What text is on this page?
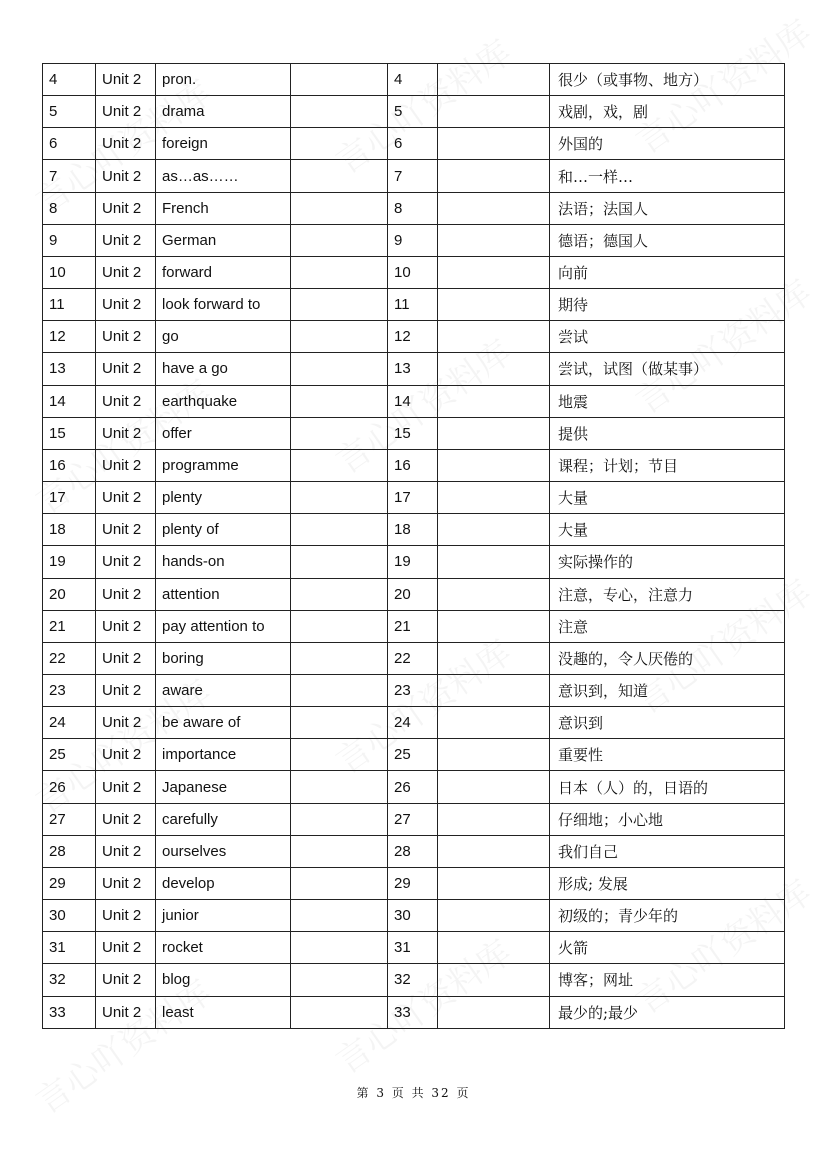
4	Unit 2	pron.		4		很少（或事物、地方）
5	Unit 2	drama		5		戏剧，戏，剧
6	Unit 2	foreign		6		外国的
7	Unit 2	as…as……		7		和…一样…
8	Unit 2	French		8		法语；法国人
9	Unit 2	German		9		德语；德国人
10	Unit 2	forward		10		向前
11	Unit 2	look forward to		11		期待
12	Unit 2	go		12		尝试
13	Unit 2	have a go		13		尝试，试图（做某事）
14	Unit 2	earthquake		14		地震
15	Unit 2	offer		15		提供
16	Unit 2	programme		16		课程；计划；节目
17	Unit 2	plenty		17		大量
18	Unit 2	plenty of		18		大量
19	Unit 2	hands-on		19		实际操作的
20	Unit 2	attention		20		注意，专心，注意力
21	Unit 2	pay attention to		21		注意
22	Unit 2	boring		22		没趣的，令人厌倦的
23	Unit 2	aware		23		意识到，知道
24	Unit 2	be aware of		24		意识到
25	Unit 2	importance		25		重要性
26	Unit 2	Japanese		26		日本（人）的，日语的
27	Unit 2	carefully		27		仔细地；小心地
28	Unit 2	ourselves		28		我们自己
29	Unit 2	develop		29		形成; 发展
30	Unit 2	junior		30		初级的；青少年的
31	Unit 2	rocket		31		火箭
32	Unit 2	blog		32		博客；网址
33	Unit 2	least		33		最少的;最少
第 3 页 共 32 页
